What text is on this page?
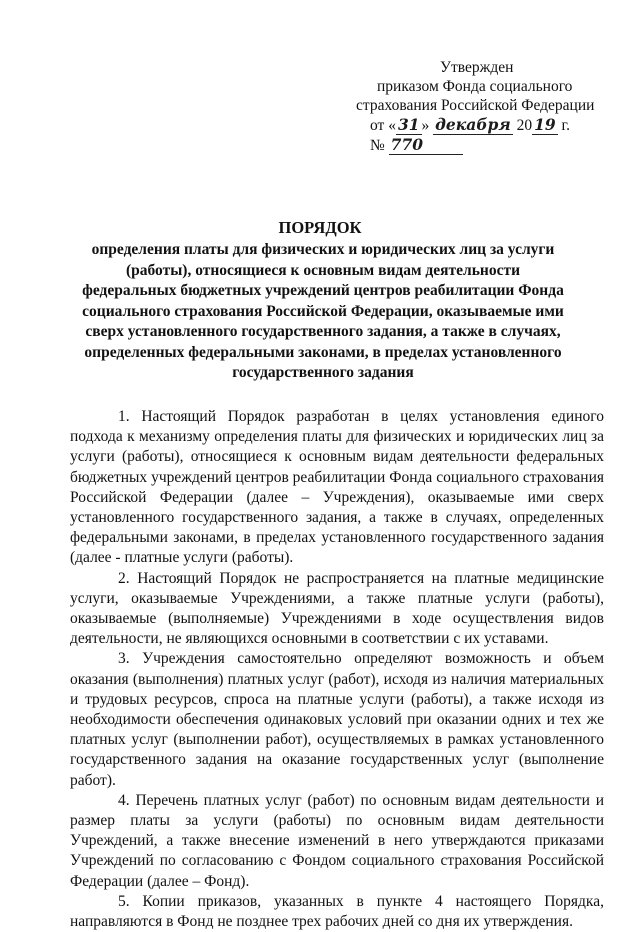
Утвержден
приказом Фонда социального
страхования Российской Федерации
от « 31 » декабря 20 19 г.
№ 770
ПОРЯДОК
определения платы для физических и юридических лиц за услуги (работы), относящиеся к основным видам деятельности федеральных бюджетных учреждений центров реабилитации Фонда социального страхования Российской Федерации, оказываемые ими сверх установленного государственного задания, а также в случаях, определенных федеральными законами, в пределах установленного государственного задания

1. Настоящий Порядок разработан в целях установления единого подхода к механизму определения платы для физических и юридических лиц за услуги (работы), относящиеся к основным видам деятельности федеральных бюджетных учреждений центров реабилитации Фонда социального страхования Российской Федерации (далее – Учреждения), оказываемые ими сверх установленного государственного задания, а также в случаях, определенных федеральными законами, в пределах установленного государственного задания (далее - платные услуги (работы).

2. Настоящий Порядок не распространяется на платные медицинские услуги, оказываемые Учреждениями, а также платные услуги (работы), оказываемые (выполняемые) Учреждениями в ходе осуществления видов деятельности, не являющихся основными в соответствии с их уставами.

3. Учреждения самостоятельно определяют возможность и объем оказания (выполнения) платных услуг (работ), исходя из наличия материальных и трудовых ресурсов, спроса на платные услуги (работы), а также исходя из необходимости обеспечения одинаковых условий при оказании одних и тех же платных услуг (выполнении работ), осуществляемых в рамках установленного государственного задания на оказание государственных услуг (выполнение работ).

4. Перечень платных услуг (работ) по основным видам деятельности и размер платы за услуги (работы) по основным видам деятельности Учреждений, а также внесение изменений в него утверждаются приказами Учреждений по согласованию с Фондом социального страхования Российской Федерации (далее – Фонд).

5. Копии приказов, указанных в пункте 4 настоящего Порядка, направляются в Фонд не позднее трех рабочих дней со дня их утверждения.
